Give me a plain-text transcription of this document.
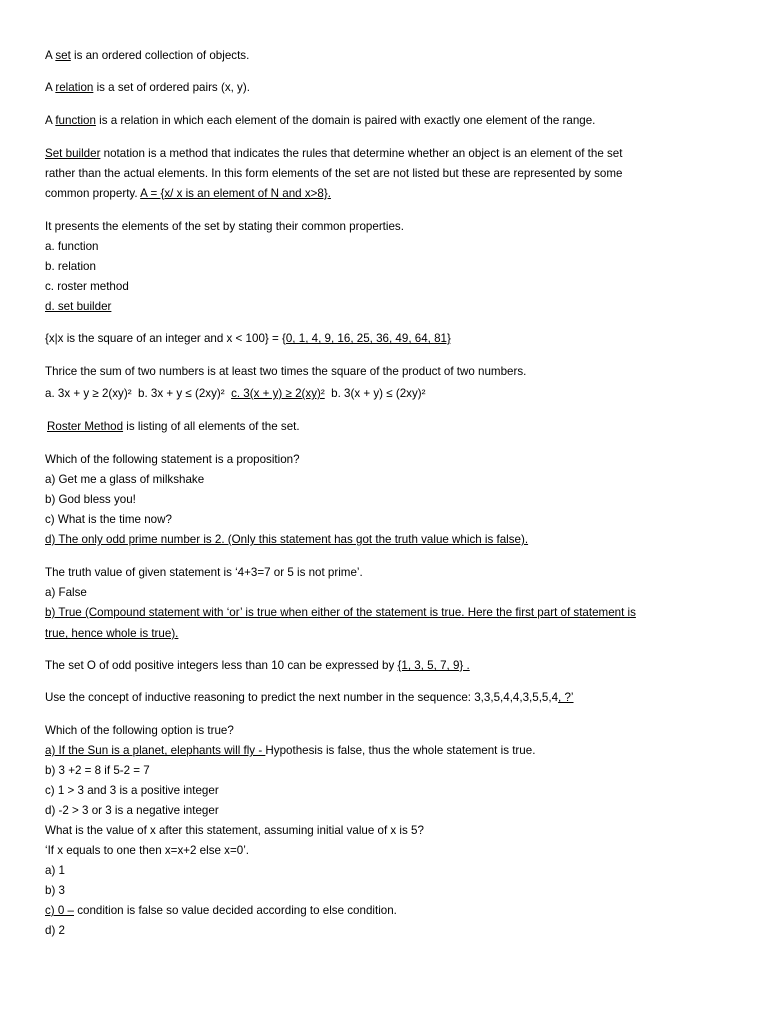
A set is an ordered collection of objects.
A relation is a set of ordered pairs (x, y).
A function is a relation in which each element of the domain is paired with exactly one element of the range.
Set builder notation is a method that indicates the rules that determine whether an object is an element of the set
rather than the actual elements. In this form elements of the set are not listed but these are represented by some
common property. A = {x/ x is an element of N and x>8}.
It presents the elements of the set by stating their common properties.
a. function
b. relation
c. roster method
d. set builder
{x|x is the square of an integer and x < 100} = {0, 1, 4, 9, 16, 25, 36, 49, 64, 81}
Thrice the sum of two numbers is at least two times the square of the product of two numbers.
a. 3x + y ≥ 2(xy)² b. 3x + y ≤ (2xy)² c. 3(x + y) ≥ 2(xy)² b. 3(x + y) ≤ (2xy)²
Roster Method is listing of all elements of the set.
Which of the following statement is a proposition?
a) Get me a glass of milkshake
b) God bless you!
c) What is the time now?
d) The only odd prime number is 2. (Only this statement has got the truth value which is false).
The truth value of given statement is ‘4+3=7 or 5 is not prime’.
a) False
b) True (Compound statement with ‘or’ is true when either of the statement is true. Here the first part of statement is
true, hence whole is true).
The set O of odd positive integers less than 10 can be expressed by {1, 3, 5, 7, 9} .
Use the concept of inductive reasoning to predict the next number in the sequence: 3,3,5,4,4,3,5,5,4, ?’
Which of the following option is true?
a) If the Sun is a planet, elephants will fly - Hypothesis is false, thus the whole statement is true.
b) 3 +2 = 8 if 5-2 = 7
c) 1 > 3 and 3 is a positive integer
d) -2 > 3 or 3 is a negative integer
What is the value of x after this statement, assuming initial value of x is 5?
‘If x equals to one then x=x+2 else x=0’.
a) 1
b) 3
c) 0 – condition is false so value decided according to else condition.
d) 2
